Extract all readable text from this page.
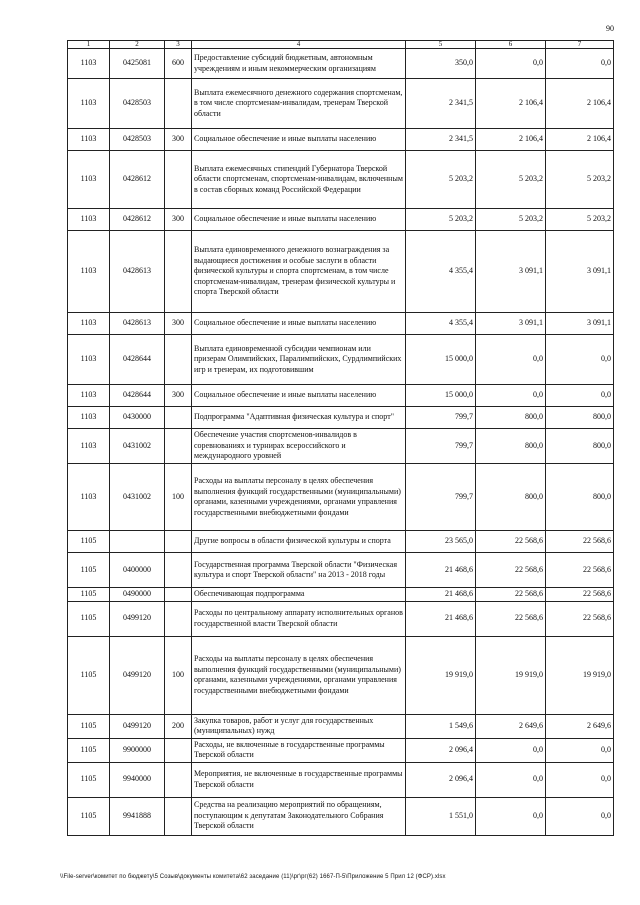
90
1	2	3	4	5	6	7
1103	0425081	600	Предоставление субсидий бюджетным, автономным учреждениям и иным некоммерческим организациям	350,0	0,0	0,0
1103	0428503		Выплата ежемесячного денежного содержания спортсменам, в том числе спортсменам-инвалидам, тренерам Тверской области	2 341,5	2 106,4	2 106,4
1103	0428503	300	Социальное обеспечение и иные выплаты населению	2 341,5	2 106,4	2 106,4
1103	0428612		Выплата ежемесячных стипендий Губернатора Тверской области спортсменам, спортсменам-инвалидам, включенным в состав сборных команд Российской Федерации	5 203,2	5 203,2	5 203,2
1103	0428612	300	Социальное обеспечение и иные выплаты населению	5 203,2	5 203,2	5 203,2
1103	0428613		Выплата единовременного денежного вознаграждения за выдающиеся достижения и особые заслуги в области физической культуры и спорта спортсменам, в том числе спортсменам-инвалидам, тренерам физической культуры и спорта Тверской области	4 355,4	3 091,1	3 091,1
1103	0428613	300	Социальное обеспечение и иные выплаты населению	4 355,4	3 091,1	3 091,1
1103	0428644		Выплата единовременной субсидии чемпионам или призерам Олимпийских, Паралимпийских, Сурдлимпийских игр и тренерам, их подготовившим	15 000,0	0,0	0,0
1103	0428644	300	Социальное обеспечение и иные выплаты населению	15 000,0	0,0	0,0
1103	0430000		Подпрограмма "Адаптивная физическая культура и спорт"	799,7	800,0	800,0
1103	0431002		Обеспечение участия спортсменов-инвалидов в соревнованиях и турнирах всероссийского и международного уровней	799,7	800,0	800,0
1103	0431002	100	Расходы на выплаты персоналу в целях обеспечения выполнения функций государственными (муниципальными) органами, казенными учреждениями, органами управления государственными внебюджетными фондами	799,7	800,0	800,0
1105			Другие вопросы в области физической культуры и спорта	23 565,0	22 568,6	22 568,6
1105	0400000		Государственная программа Тверской области "Физическая культура и спорт Тверской области" на 2013 - 2018 годы	21 468,6	22 568,6	22 568,6
1105	0490000		Обеспечивающая подпрограмма	21 468,6	22 568,6	22 568,6
1105	0499120		Расходы по центральному аппарату исполнительных органов государственной власти Тверской области	21 468,6	22 568,6	22 568,6
1105	0499120	100	Расходы на выплаты персоналу в целях обеспечения выполнения функций государственными (муниципальными) органами, казенными учреждениями, органами управления государственными внебюджетными фондами	19 919,0	19 919,0	19 919,0
1105	0499120	200	Закупка товаров, работ и услуг для государственных (муниципальных) нужд	1 549,6	2 649,6	2 649,6
1105	9900000		Расходы, не включенные в государственные программы Тверской области	2 096,4	0,0	0,0
1105	9940000		Мероприятия, не включенные в государственные программы Тверской области	2 096,4	0,0	0,0
1105	9941888		Средства на реализацию мероприятий по обращениям, поступающим к депутатам Законодательного Собрания Тверской области	1 551,0	0,0	0,0
\\File-server\комитет по бюджету\5 Созыв\документы комитета\62 заседание (11)\рг\рг(62) 1667-П-5\Приложение 5 Прил 12 (ФСР).xlsx
